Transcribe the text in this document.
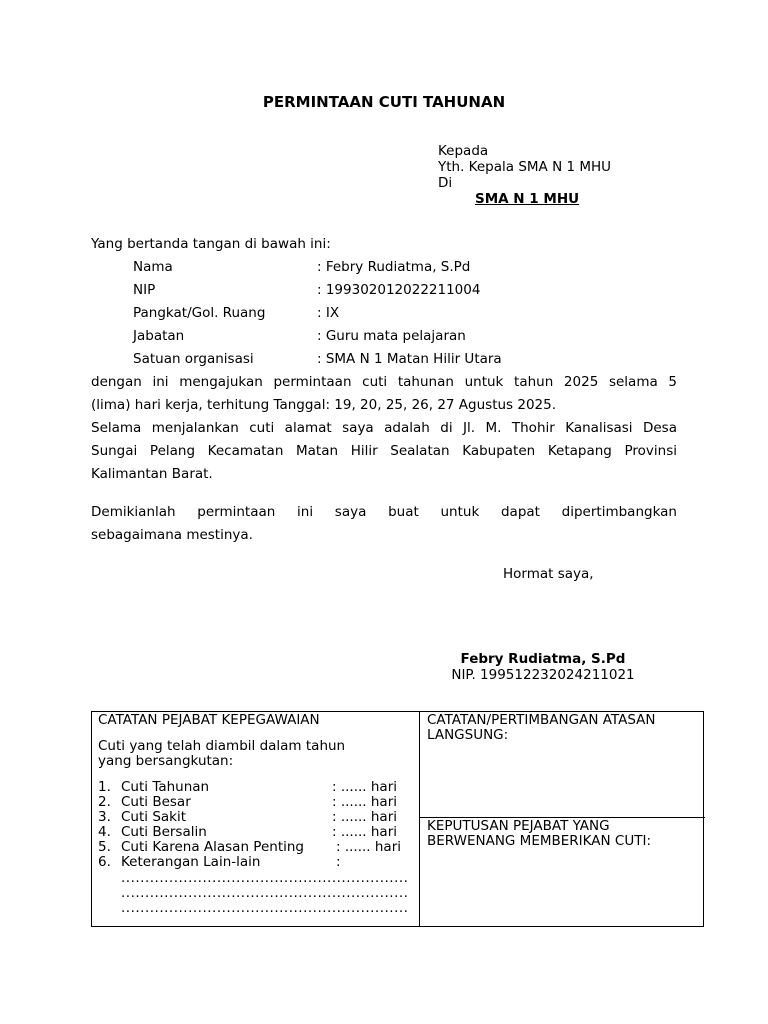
PERMINTAAN CUTI TAHUNAN
Kepada
Yth. Kepala SMA N 1 MHU
Di
SMA N 1 MHU
Yang bertanda tangan di bawah ini:
Nama	: Febry Rudiatma, S.Pd
NIP	: 199302012022211004
Pangkat/Gol. Ruang	: IX
Jabatan	: Guru mata pelajaran
Satuan organisasi	: SMA N 1 Matan Hilir Utara
dengan ini mengajukan permintaan cuti tahunan untuk tahun 2025 selama 5
(lima) hari kerja, terhitung Tanggal: 19, 20, 25, 26, 27 Agustus 2025.
Selama menjalankan cuti alamat saya adalah di Jl. M. Thohir Kanalisasi Desa
Sungai Pelang Kecamatan Matan Hilir Sealatan Kabupaten Ketapang Provinsi
Kalimantan Barat.
Demikianlah permintaan ini saya buat untuk dapat dipertimbangkan
sebagaimana mestinya.
Hormat saya,
Febry Rudiatma, S.Pd
NIP. 199512232024211021
CATATAN PEJABAT KEPEGAWAIAN
Cuti yang telah diambil dalam tahun
yang bersangkutan:
1. Cuti Tahunan	: ...... hari
2. Cuti Besar	: ...... hari
3. Cuti Sakit	: ...... hari
4. Cuti Bersalin	: ...... hari
5. Cuti Karena Alasan Penting : ...... hari
6. Keterangan Lain-lain	:
............................................................
............................................................
............................................................
CATATAN/PERTIMBANGAN ATASAN
LANGSUNG:
KEPUTUSAN PEJABAT YANG
BERWENANG MEMBERIKAN CUTI:
